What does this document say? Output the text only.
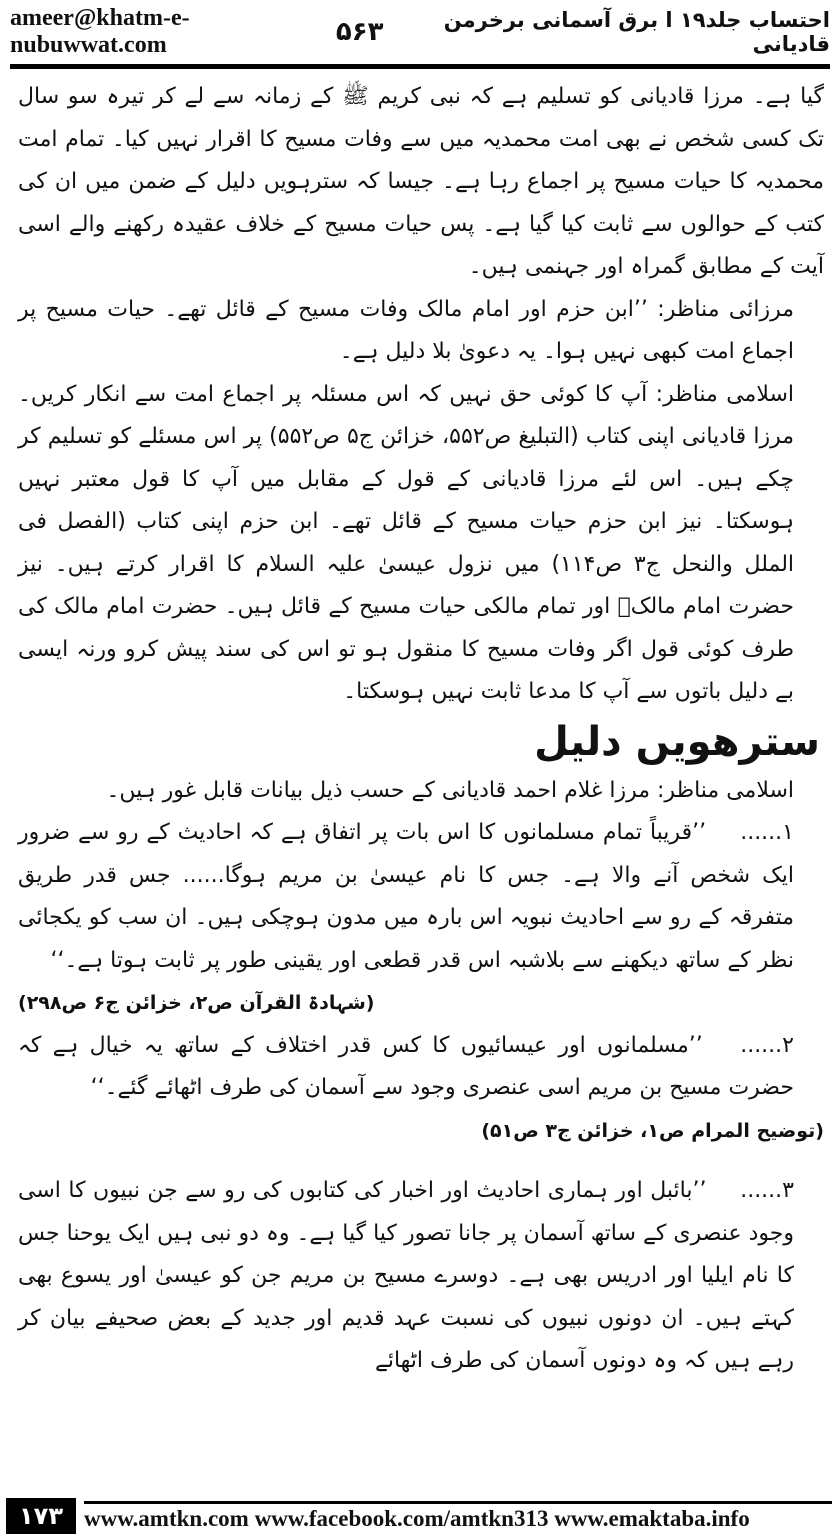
ameer@khatm-e-nubuwwat.com	۵۶۳	احتساب جلد۱۹ ا برق آسمانی برخرمن قادیانی

گیا ہے۔ مرزا قادیانی کو تسلیم ہے کہ نبی کریم ﷺ کے زمانہ سے لے کر تیرہ سو سال تک کسی شخص نے بھی امت محمدیہ میں سے وفات مسیح کا اقرار نہیں کیا۔ تمام امت محمدیہ کا حیات مسیح پر اجماع رہا ہے۔ جیسا کہ سترہویں دلیل کے ضمن میں ان کی کتب کے حوالوں سے ثابت کیا گیا ہے۔ پس حیات مسیح کے خلاف عقیدہ رکھنے والے اسی آیت کے مطابق گمراہ اور جہنمی ہیں۔

مرزائی مناظر: ’’ابن حزم اور امام مالک وفات مسیح کے قائل تھے۔ حیات مسیح پر اجماع امت کبھی نہیں ہوا۔ یہ دعویٰ بلا دلیل ہے۔

اسلامی مناظر: آپ کا کوئی حق نہیں کہ اس مسئلہ پر اجماع امت سے انکار کریں۔ مرزا قادیانی اپنی کتاب (التبلیغ ص۵۵۲، خزائن ج۵ ص۵۵۲) پر اس مسئلے کو تسلیم کر چکے ہیں۔ اس لئے مرزا قادیانی کے قول کے مقابل میں آپ کا قول معتبر نہیں ہوسکتا۔ نیز ابن حزم حیات مسیح کے قائل تھے۔ ابن حزم اپنی کتاب (الفصل فی الملل والنحل ج۳ ص۱۱۴) میں نزول عیسیٰ علیہ السلام کا اقرار کرتے ہیں۔ نیز حضرت امام مالکؒ اور تمام مالکی حیات مسیح کے قائل ہیں۔ حضرت امام مالک کی طرف کوئی قول اگر وفات مسیح کا منقول ہو تو اس کی سند پیش کرو ورنہ ایسی بے دلیل باتوں سے آپ کا مدعا ثابت نہیں ہوسکتا۔

سترھویں دلیل

اسلامی مناظر: مرزا غلام احمد قادیانی کے حسب ذیل بیانات قابل غور ہیں۔

۱...... ’’قریباً تمام مسلمانوں کا اس بات پر اتفاق ہے کہ احادیث کے رو سے ضرور ایک شخص آنے والا ہے۔ جس کا نام عیسیٰ بن مریم ہوگا...... جس قدر طریق متفرقہ کے رو سے احادیث نبویہ اس بارہ میں مدون ہوچکی ہیں۔ ان سب کو یکجائی نظر کے ساتھ دیکھنے سے بلاشبہ اس قدر قطعی اور یقینی طور پر ثابت ہوتا ہے۔‘‘

(شہادۃ القرآن ص۲، خزائن ج۶ ص۲۹۸)

۲...... ’’مسلمانوں اور عیسائیوں کا کس قدر اختلاف کے ساتھ یہ خیال ہے کہ حضرت مسیح بن مریم اسی عنصری وجود سے آسمان کی طرف اٹھائے گئے۔‘‘

(توضیح المرام ص۱، خزائن ج۳ ص۵۱)

۳...... ’’بائبل اور ہماری احادیث اور اخبار کی کتابوں کی رو سے جن نبیوں کا اسی وجود عنصری کے ساتھ آسمان پر جانا تصور کیا گیا ہے۔ وہ دو نبی ہیں ایک یوحنا جس کا نام ایلیا اور ادریس بھی ہے۔ دوسرے مسیح بن مریم جن کو عیسیٰ اور یسوع بھی کہتے ہیں۔ ان دونوں نبیوں کی نسبت عہد قدیم اور جدید کے بعض صحیفے بیان کر رہے ہیں کہ وہ دونوں آسمان کی طرف اٹھائے

۱۷۳ www.amtkn.com www.facebook.com/amtkn313 www.emaktaba.info
